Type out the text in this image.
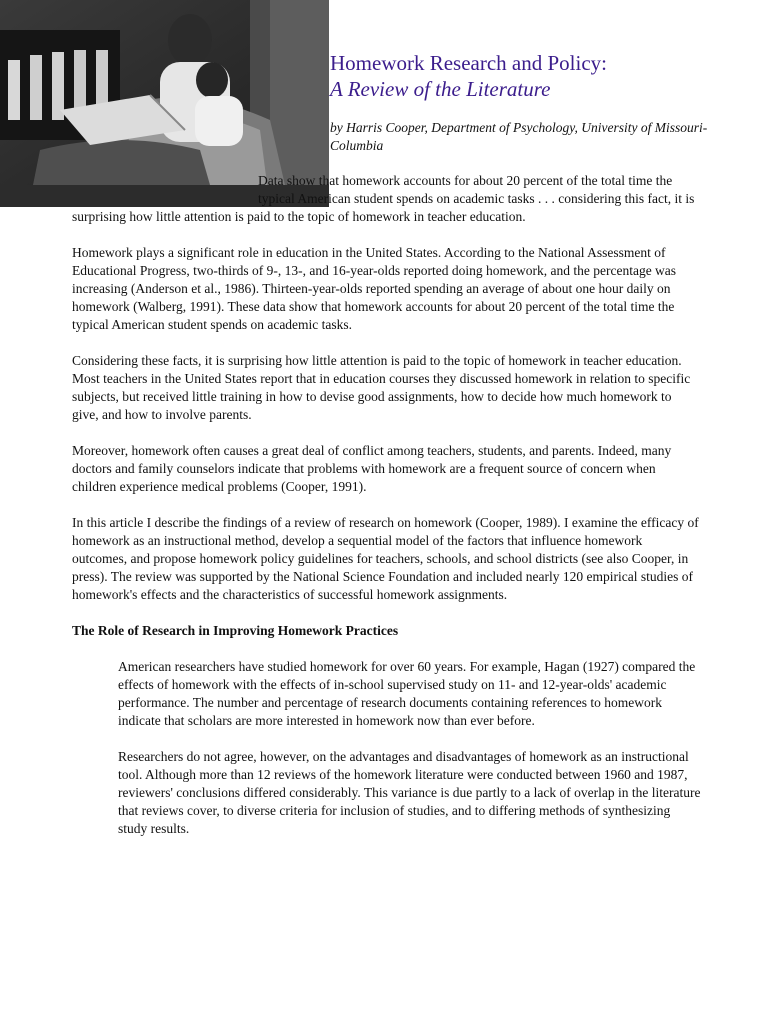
Homework Research and Policy:
A Review of the Literature

by Harris Cooper, Department of Psychology, University of Missouri-Columbia

Data show that homework accounts for about 20 percent of the total time the typical American student spends on academic tasks . . . considering this fact, it is surprising how little attention is paid to the topic of homework in teacher education.

Homework plays a significant role in education in the United States. According to the National Assessment of Educational Progress, two-thirds of 9-, 13-, and 16-year-olds reported doing homework, and the percentage was increasing (Anderson et al., 1986). Thirteen-year-olds reported spending an average of about one hour daily on homework (Walberg, 1991). These data show that homework accounts for about 20 percent of the total time the typical American student spends on academic tasks.

Considering these facts, it is surprising how little attention is paid to the topic of homework in teacher education. Most teachers in the United States report that in education courses they discussed homework in relation to specific subjects, but received little training in how to devise good assignments, how to decide how much homework to give, and how to involve parents.

Moreover, homework often causes a great deal of conflict among teachers, students, and parents. Indeed, many doctors and family counselors indicate that problems with homework are a frequent source of concern when children experience medical problems (Cooper, 1991).

In this article I describe the findings of a review of research on homework (Cooper, 1989). I examine the efficacy of homework as an instructional method, develop a sequential model of the factors that influence homework outcomes, and propose homework policy guidelines for teachers, schools, and school districts (see also Cooper, in press). The review was supported by the National Science Foundation and included nearly 120 empirical studies of homework's effects and the characteristics of successful homework assignments.

The Role of Research in Improving Homework Practices

American researchers have studied homework for over 60 years. For example, Hagan (1927) compared the effects of homework with the effects of in-school supervised study on 11- and 12-year-olds' academic performance. The number and percentage of research documents containing references to homework indicate that scholars are more interested in homework now than ever before.

Researchers do not agree, however, on the advantages and disadvantages of homework as an instructional tool. Although more than 12 reviews of the homework literature were conducted between 1960 and 1987, reviewers' conclusions differed considerably. This variance is due partly to a lack of overlap in the literature that reviews cover, to diverse criteria for inclusion of studies, and to differing methods of synthesizing study results.
